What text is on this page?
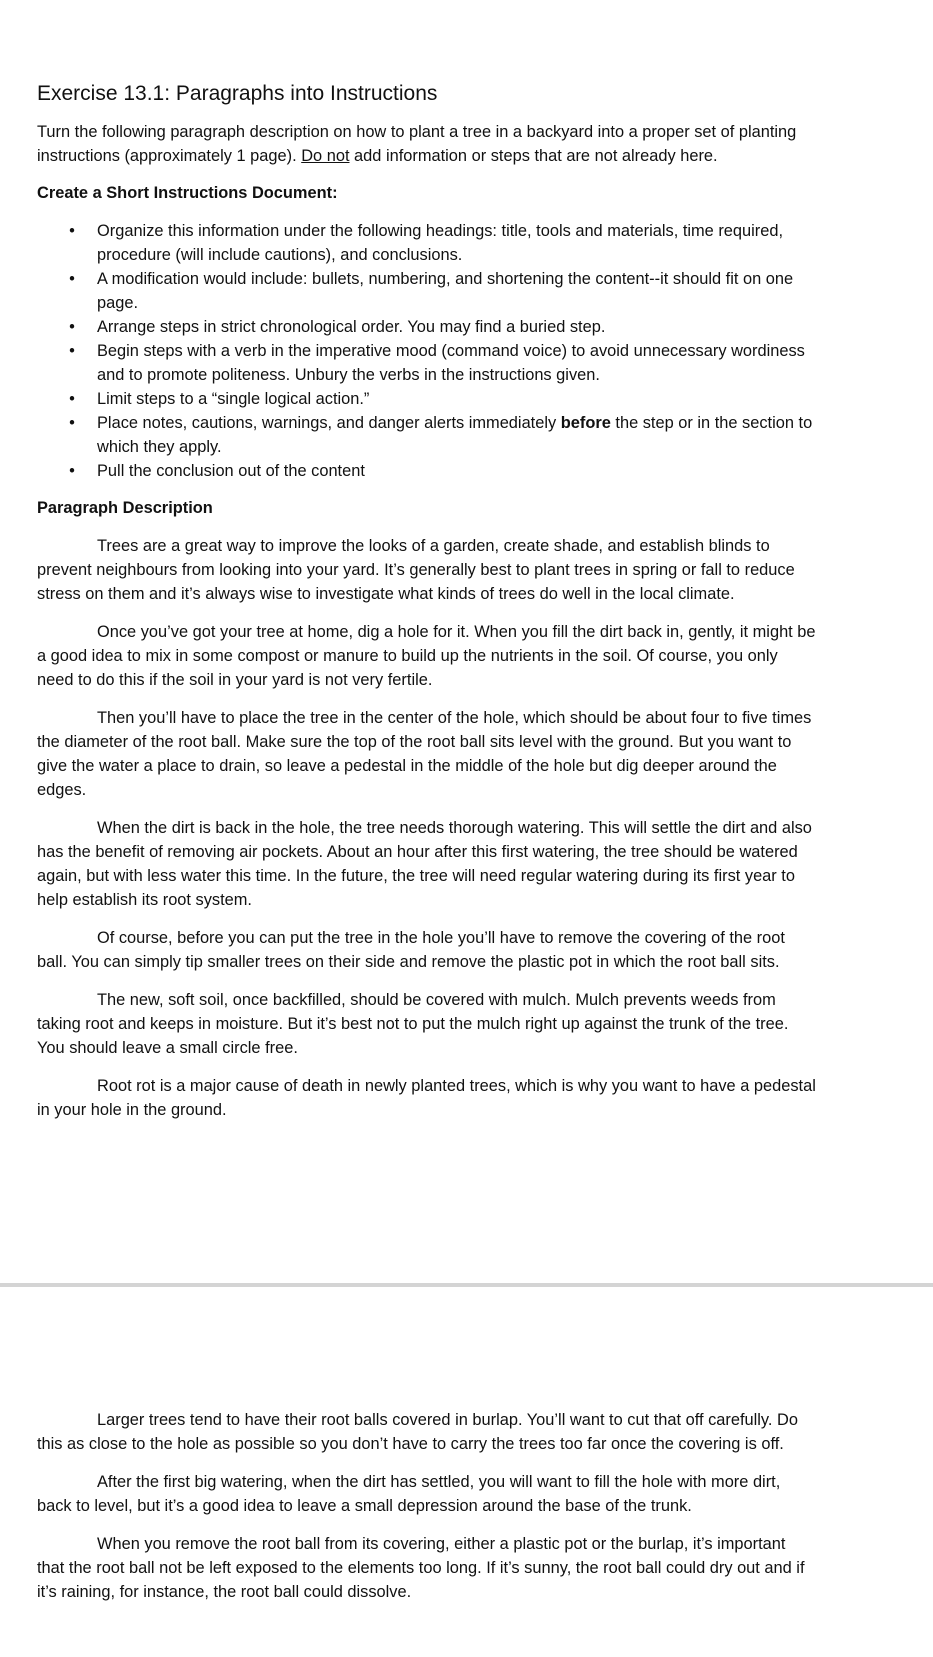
Exercise 13.1: Paragraphs into Instructions

Turn the following paragraph description on how to plant a tree in a backyard into a proper set of planting instructions (approximately 1 page). Do not add information or steps that are not already here.

Create a Short Instructions Document:
• Organize this information under the following headings: title, tools and materials, time required, procedure (will include cautions), and conclusions.
• A modification would include: bullets, numbering, and shortening the content--it should fit on one page.
• Arrange steps in strict chronological order. You may find a buried step.
• Begin steps with a verb in the imperative mood (command voice) to avoid unnecessary wordiness and to promote politeness. Unbury the verbs in the instructions given.
• Limit steps to a “single logical action.”
• Place notes, cautions, warnings, and danger alerts immediately before the step or in the section to which they apply.
• Pull the conclusion out of the content
Paragraph Description

Trees are a great way to improve the looks of a garden, create shade, and establish blinds to prevent neighbours from looking into your yard. It’s generally best to plant trees in spring or fall to reduce stress on them and it’s always wise to investigate what kinds of trees do well in the local climate.

Once you’ve got your tree at home, dig a hole for it. When you fill the dirt back in, gently, it might be a good idea to mix in some compost or manure to build up the nutrients in the soil. Of course, you only need to do this if the soil in your yard is not very fertile.

Then you’ll have to place the tree in the center of the hole, which should be about four to five times the diameter of the root ball. Make sure the top of the root ball sits level with the ground. But you want to give the water a place to drain, so leave a pedestal in the middle of the hole but dig deeper around the edges.

When the dirt is back in the hole, the tree needs thorough watering. This will settle the dirt and also has the benefit of removing air pockets. About an hour after this first watering, the tree should be watered again, but with less water this time. In the future, the tree will need regular watering during its first year to help establish its root system.

Of course, before you can put the tree in the hole you’ll have to remove the covering of the root ball. You can simply tip smaller trees on their side and remove the plastic pot in which the root ball sits.

The new, soft soil, once backfilled, should be covered with mulch. Mulch prevents weeds from taking root and keeps in moisture. But it’s best not to put the mulch right up against the trunk of the tree. You should leave a small circle free.

Root rot is a major cause of death in newly planted trees, which is why you want to have a pedestal in your hole in the ground.

Larger trees tend to have their root balls covered in burlap. You’ll want to cut that off carefully. Do this as close to the hole as possible so you don’t have to carry the trees too far once the covering is off.

After the first big watering, when the dirt has settled, you will want to fill the hole with more dirt, back to level, but it’s a good idea to leave a small depression around the base of the trunk.

When you remove the root ball from its covering, either a plastic pot or the burlap, it’s important that the root ball not be left exposed to the elements too long. If it’s sunny, the root ball could dry out and if it’s raining, for instance, the root ball could dissolve.
